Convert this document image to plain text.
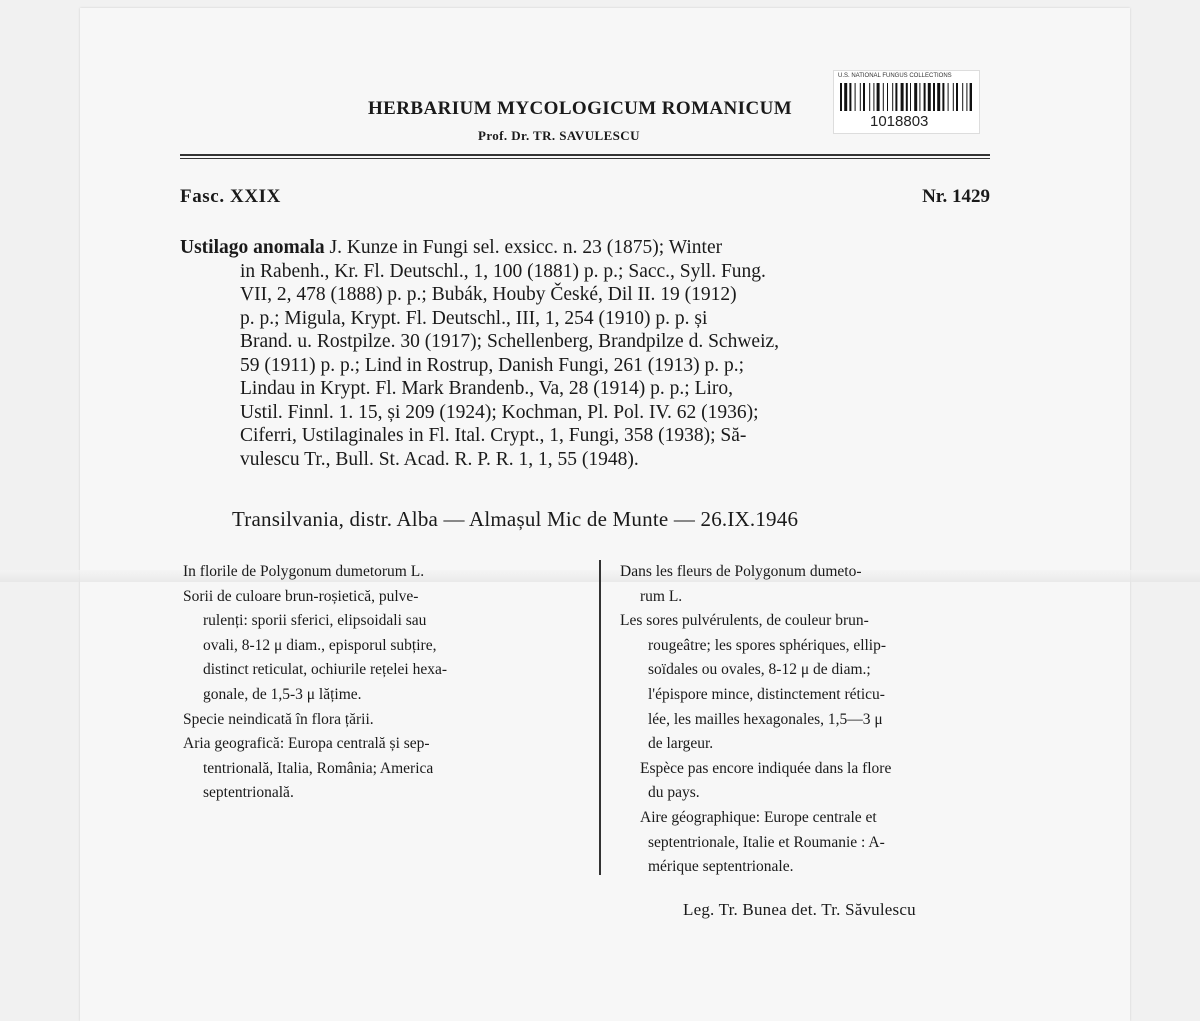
HERBARIUM MYCOLOGICUM ROMANICUM
Prof. Dr. TR. SAVULESCU
U.S. NATIONAL FUNGUS COLLECTIONS
1018803
Fasc. XXIX	Nr. 1429
Ustilago anomala J. Kunze in Fungi sel. exsicc. n. 23 (1875); Winter
in Rabenh., Kr. Fl. Deutschl., 1, 100 (1881) p. p.; Sacc., Syll. Fung.
VII, 2, 478 (1888) p. p.; Bubák, Houby České, Dil II. 19 (1912)
p. p.; Migula, Krypt. Fl. Deutschl., III, 1, 254 (1910) p. p. și
Brand. u. Rostpilze. 30 (1917); Schellenberg, Brandpilze d. Schweiz,
59 (1911) p. p.; Lind in Rostrup, Danish Fungi, 261 (1913) p. p.;
Lindau in Krypt. Fl. Mark Brandenb., Va, 28 (1914) p. p.; Liro,
Ustil. Finnl. 1. 15, și 209 (1924); Kochman, Pl. Pol. IV. 62 (1936);
Ciferri, Ustilaginales in Fl. Ital. Crypt., 1, Fungi, 358 (1938); Să-
vulescu Tr., Bull. St. Acad. R. P. R. 1, 1, 55 (1948).
Transilvania, distr. Alba — Almașul Mic de Munte — 26.IX.1946
In florile de Polygonum dumetorum L.
Sorii de culoare brun-roșietică, pulve-
rulenți: sporii sferici, elipsoidali sau
ovali, 8-12 μ diam., episporul subțire,
distinct reticulat, ochiurile rețelei hexa-
gonale, de 1,5-3 μ lățime.
Specie neindicată în flora țării.
Aria geografică: Europa centrală și sep-
tentrională, Italia, România; America
septentrională.
Dans les fleurs de Polygonum dumeto-
rum L.
Les sores pulvérulents, de couleur brun-
rougeâtre; les spores sphériques, ellip-
soïdales ou ovales, 8-12 μ de diam.;
l'épispore mince, distinctement réticu-
lée, les mailles hexagonales, 1,5—3 μ
de largeur.
Espèce pas encore indiquée dans la flore
du pays.
Aire géographique: Europe centrale et
septentrionale, Italie et Roumanie : A-
mérique septentrionale.
Leg. Tr. Bunea det. Tr. Săvulescu
